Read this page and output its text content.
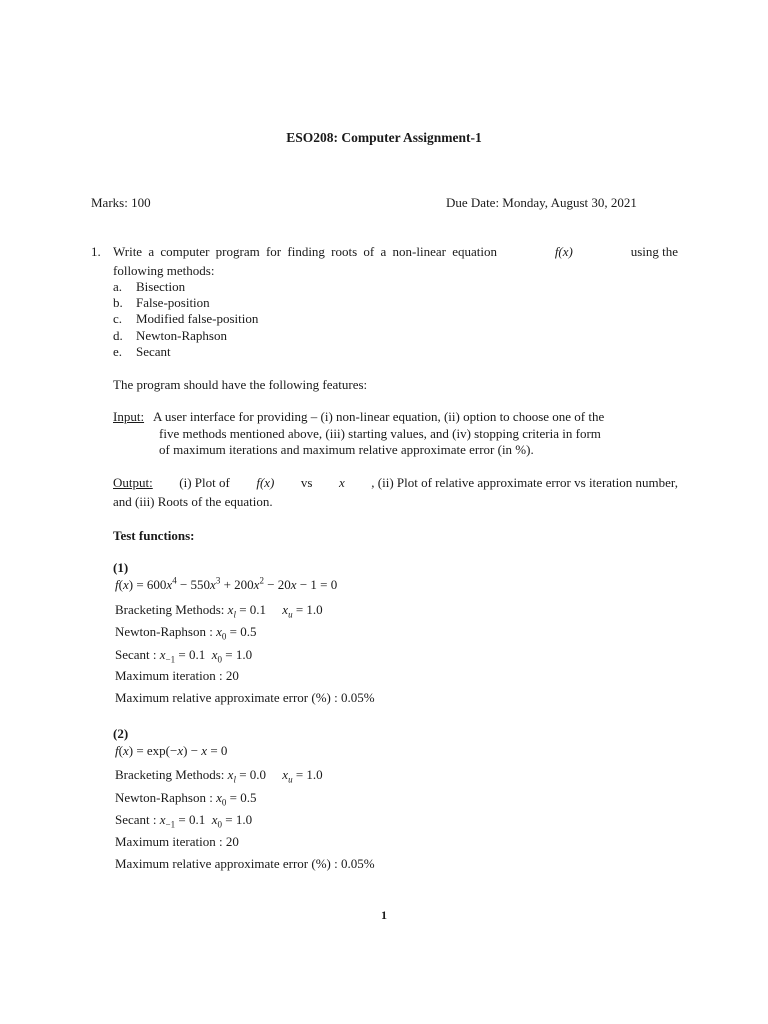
ESO208: Computer Assignment-1
Marks: 100	Due Date: Monday, August 30, 2021
1. Write a computer program for finding roots of a non-linear equation	f(x)	using the
following methods:
a. Bisection
b. False-position
c. Modified false-position
d. Newton-Raphson
e. Secant
The program should have the following features:
Input: A user interface for providing – (i) non-linear equation, (ii) option to choose one of the
five methods mentioned above, (iii) starting values, and (iv) stopping criteria in form
of maximum iterations and maximum relative approximate error (in %).
Output: (i) Plot of f(x) vs x , (ii) Plot of relative approximate error vs iteration number,
and (iii) Roots of the equation.
Test functions:
(1)
$f(x) = 600x^4 - 550x^3 + 200x^2 - 20x - 1 = 0$
Bracketing Methods: $x_l = 0.1$     $x_u = 1.0$
Newton-Raphson : $x_0 = 0.5$
Secant : $x_{-1} = 0.1$  $x_0 = 1.0$
Maximum iteration : 20
Maximum relative approximate error (%) : 0.05%
(2)
f(x) = exp(−x) − x = 0
Bracketing Methods: $x_l = 0.0$     $x_u = 1.0$
Newton-Raphson : $x_0 = 0.5$
Secant : $x_{-1} = 0.1$  $x_0 = 1.0$
Maximum iteration : 20
Maximum relative approximate error (%) : 0.05%
1
